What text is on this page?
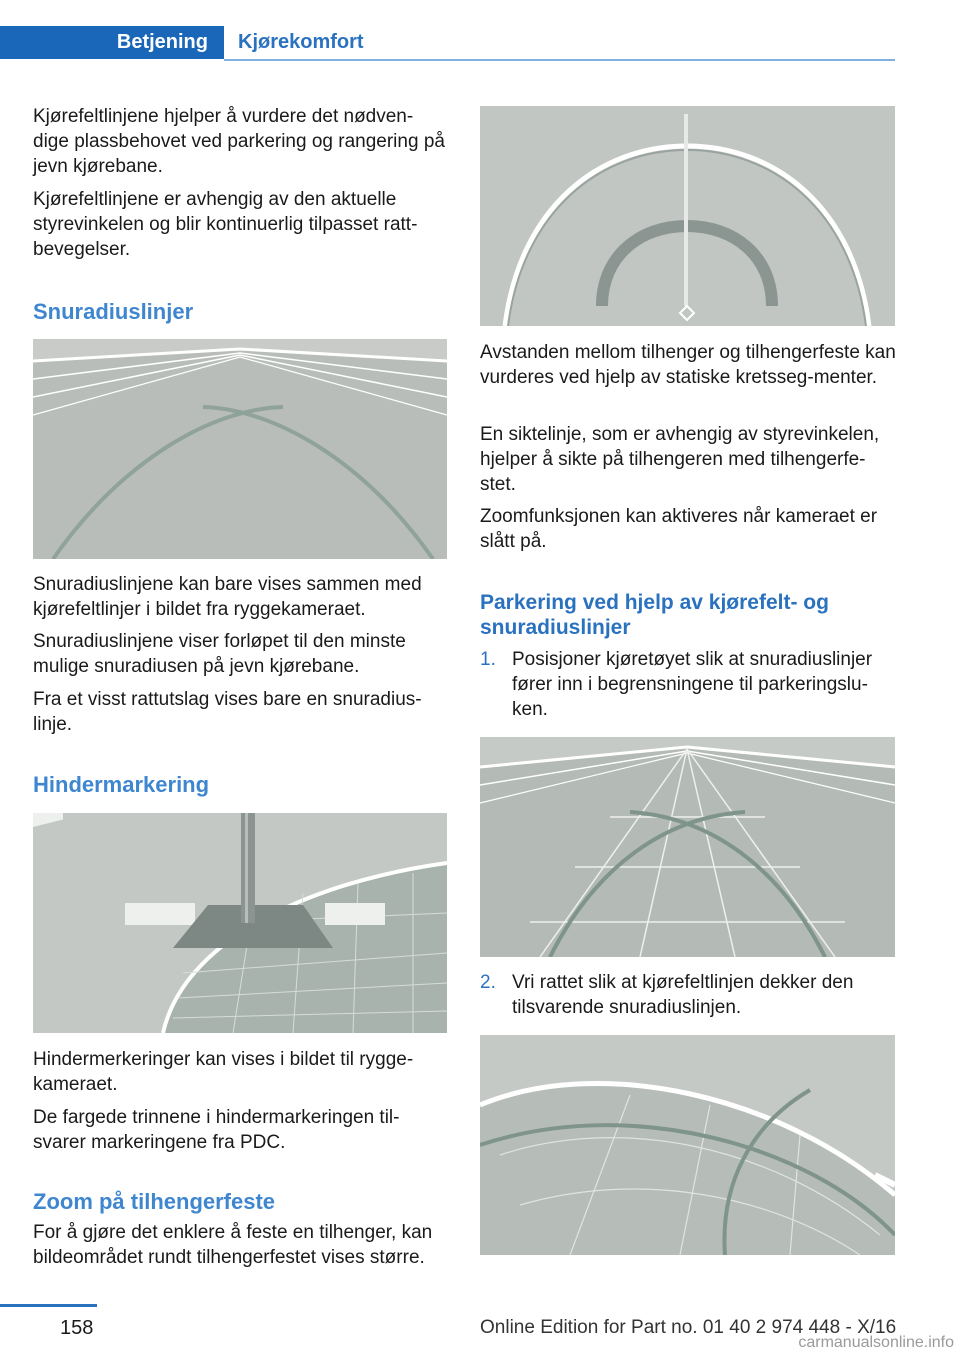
Betjening Kjørekomfort

Kjørefeltlinjene hjelper å vurdere det nødven-dige plassbehovet ved parkering og rangering på jevn kjørebane.

Kjørefeltlinjene er avhengig av den aktuelle styrevinkelen og blir kontinuerlig tilpasset ratt-bevegelser.

Snuradiuslinjer

Snuradiuslinjene kan bare vises sammen med kjørefeltlinjer i bildet fra ryggekameraet.

Snuradiuslinjene viser forløpet til den minste mulige snuradiusen på jevn kjørebane.

Fra et visst rattutslag vises bare en snuradius-linje.

Hindermarkering

Hindermerkeringer kan vises i bildet til rygge-kameraet.

De fargede trinnene i hindermarkeringen til-svarer markeringene fra PDC.

Zoom på tilhengerfeste

For å gjøre det enklere å feste en tilhenger, kan bildeområdet rundt tilhengerfestet vises større.

Avstanden mellom tilhenger og tilhengerfeste kan vurderes ved hjelp av statiske kretsseg-menter.

En siktelinje, som er avhengig av styrevinkelen, hjelper å sikte på tilhengeren med tilhengerfe-stet.

Zoomfunksjonen kan aktiveres når kameraet er slått på.

Parkering ved hjelp av kjørefelt- og snuradiuslinjer
1. Posisjoner kjøretøyet slik at snuradiuslinjer fører inn i begrensningene til parkeringslu-ken.
2. Vri rattet slik at kjørefeltlinjen dekker den tilsvarende snuradiuslinjen.
158	Online Edition for Part no. 01 40 2 974 448 - X/16
carmanualsonline.info
